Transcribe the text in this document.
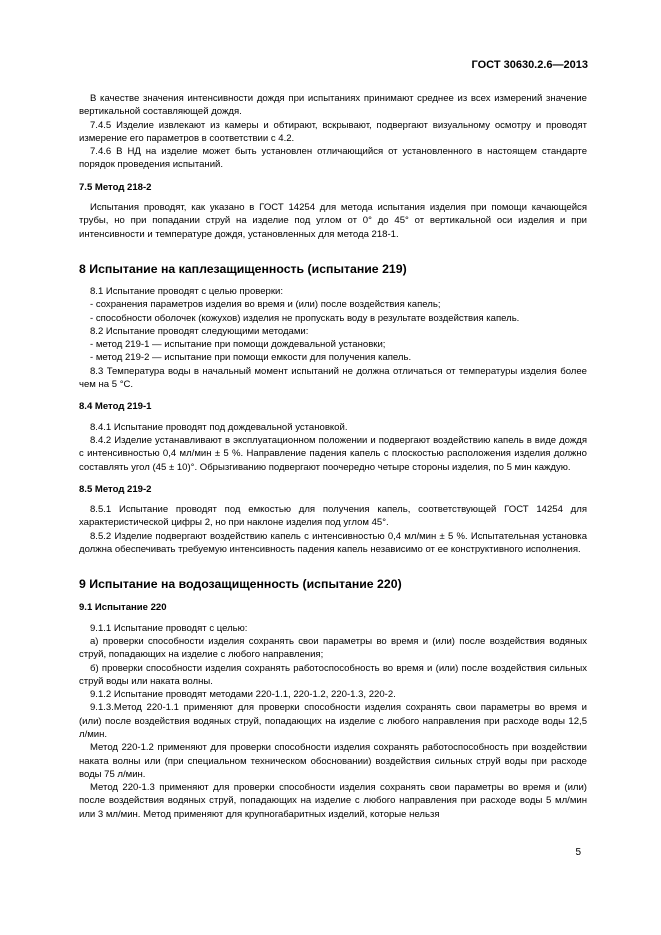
ГОСТ 30630.2.6—2013

В качестве значения интенсивности дождя при испытаниях принимают среднее из всех измерений значение вертикальной составляющей дождя.

7.4.5 Изделие извлекают из камеры и обтирают, вскрывают, подвергают визуальному осмотру и проводят измерение его параметров в соответствии с 4.2.

7.4.6 В НД на изделие может быть установлен отличающийся от установленного в настоящем стандарте порядок проведения испытаний.

7.5 Метод 218-2

Испытания проводят, как указано в ГОСТ 14254 для метода испытания изделия при помощи качающейся трубы, но при попадании струй на изделие под углом от 0° до 45° от вертикальной оси изделия и при интенсивности и температуре дождя, установленных для метода 218-1.

8 Испытание на каплезащищенность (испытание 219)

8.1 Испытание проводят с целью проверки:

- сохранения параметров изделия во время и (или) после воздействия капель;

- способности оболочек (кожухов) изделия не пропускать воду в результате воздействия капель.

8.2 Испытание проводят следующими методами:

- метод 219-1 — испытание при помощи дождевальной установки;

- метод 219-2 — испытание при помощи емкости для получения капель.

8.3 Температура воды в начальный момент испытаний не должна отличаться от температуры изделия более чем на 5 °С.

8.4 Метод 219-1

8.4.1 Испытание проводят под дождевальной установкой.

8.4.2 Изделие устанавливают в эксплуатационном положении и подвергают воздействию капель в виде дождя с интенсивностью 0,4 мл/мин ± 5 %. Направление падения капель с плоскостью расположения изделия должно составлять угол (45 ± 10)°. Обрызгиванию подвергают поочередно четыре стороны изделия, по 5 мин каждую.

8.5 Метод 219-2

8.5.1 Испытание проводят под емкостью для получения капель, соответствующей ГОСТ 14254 для характеристической цифры 2, но при наклоне изделия под углом 45°.

8.5.2 Изделие подвергают воздействию капель с интенсивностью 0,4 мл/мин ± 5 %. Испытательная установка должна обеспечивать требуемую интенсивность падения капель независимо от ее конструктивного исполнения.

9 Испытание на водозащищенность (испытание 220)
9.1 Испытание 220

9.1.1 Испытание проводят с целью:

а) проверки способности изделия сохранять свои параметры во время и (или) после воздействия водяных струй, попадающих на изделие с любого направления;

б) проверки способности изделия сохранять работоспособность во время и (или) после воздействия сильных струй воды или наката волны.

9.1.2 Испытание проводят методами 220-1.1, 220-1.2, 220-1.3, 220-2.

9.1.3.Метод 220-1.1 применяют для проверки способности изделия сохранять свои параметры во время и (или) после воздействия водяных струй, попадающих на изделие с любого направления при расходе воды 12,5 л/мин.

Метод 220-1.2 применяют для проверки способности изделия сохранять работоспособность при воздействии наката волны или (при специальном техническом обосновании) воздействия сильных струй воды при расходе воды 75 л/мин.

Метод 220-1.3 применяют для проверки способности изделия сохранять свои параметры во время и (или) после воздействия водяных струй, попадающих на изделие с любого направления при расходе воды 5 мл/мин или 3 мл/мин. Метод применяют для крупногабаритных изделий, которые нельзя

5
